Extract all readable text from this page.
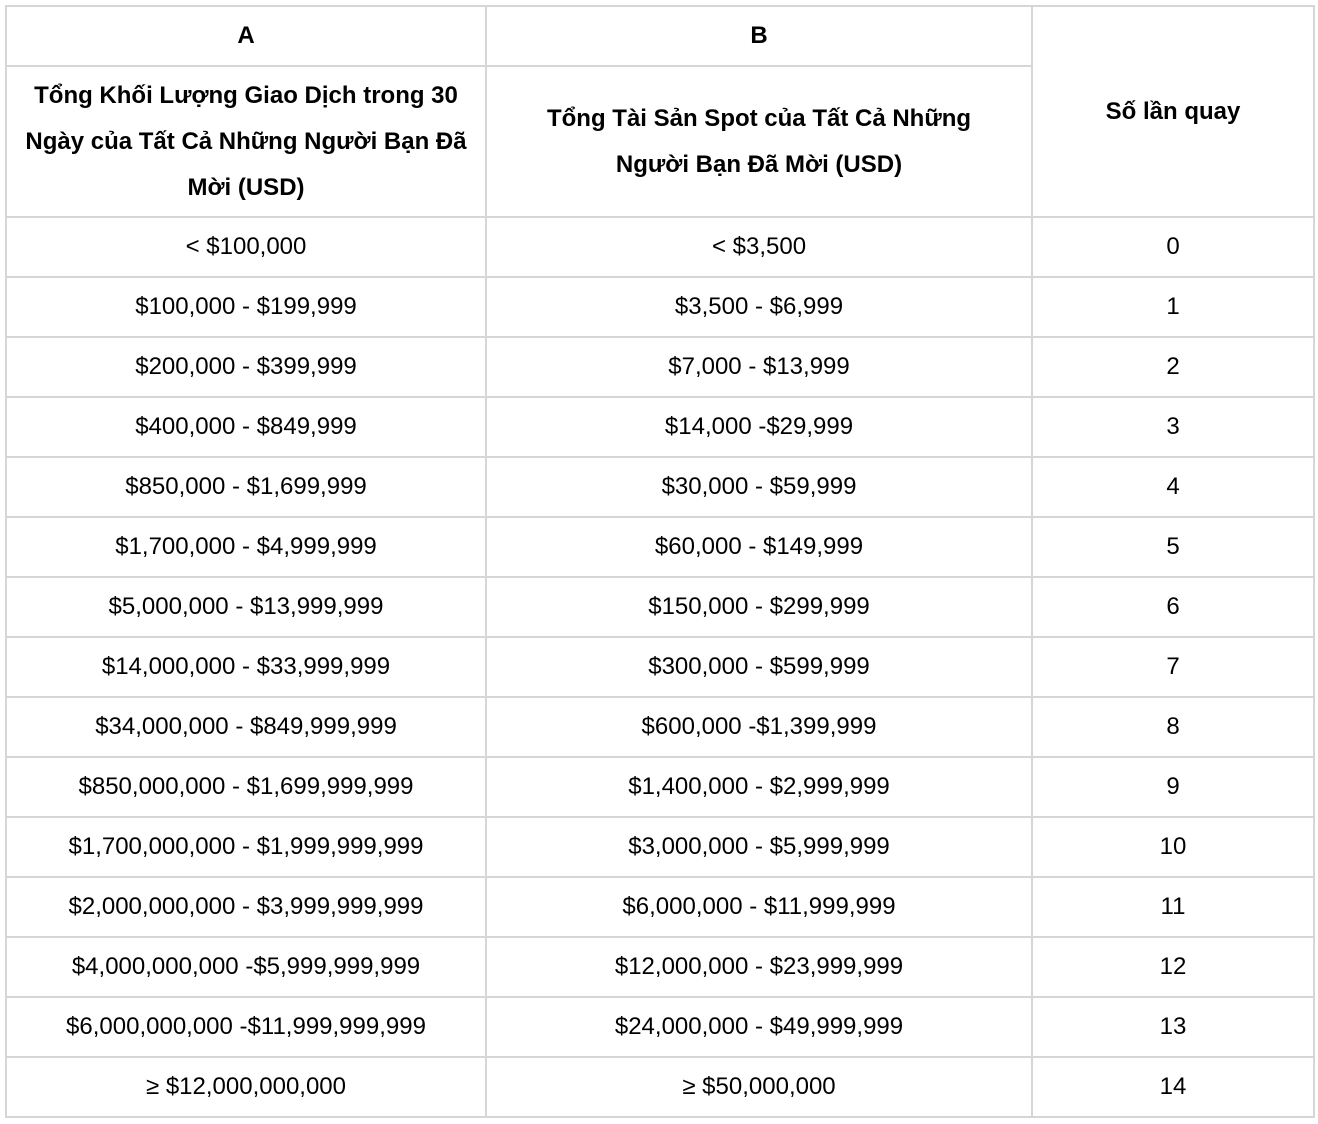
A	B	Số lần quay
Tổng Khối Lượng Giao Dịch trong 30 Ngày của Tất Cả Những Người Bạn Đã Mời (USD)	Tổng Tài Sản Spot của Tất Cả Những Người Bạn Đã Mời (USD)	
< $100,000	< $3,500	0
$100,000 - $199,999	$3,500 - $6,999	1
$200,000 - $399,999	$7,000 - $13,999	2
$400,000 - $849,999	$14,000 -$29,999	3
$850,000 - $1,699,999	$30,000 - $59,999	4
$1,700,000 - $4,999,999	$60,000 - $149,999	5
$5,000,000 - $13,999,999	$150,000 - $299,999	6
$14,000,000 - $33,999,999	$300,000 - $599,999	7
$34,000,000 - $849,999,999	$600,000 -$1,399,999	8
$850,000,000 - $1,699,999,999	$1,400,000 - $2,999,999	9
$1,700,000,000 - $1,999,999,999	$3,000,000 - $5,999,999	10
$2,000,000,000 - $3,999,999,999	$6,000,000 - $11,999,999	11
$4,000,000,000 -$5,999,999,999	$12,000,000 - $23,999,999	12
$6,000,000,000 -$11,999,999,999	$24,000,000 - $49,999,999	13
≥ $12,000,000,000	≥ $50,000,000	14
